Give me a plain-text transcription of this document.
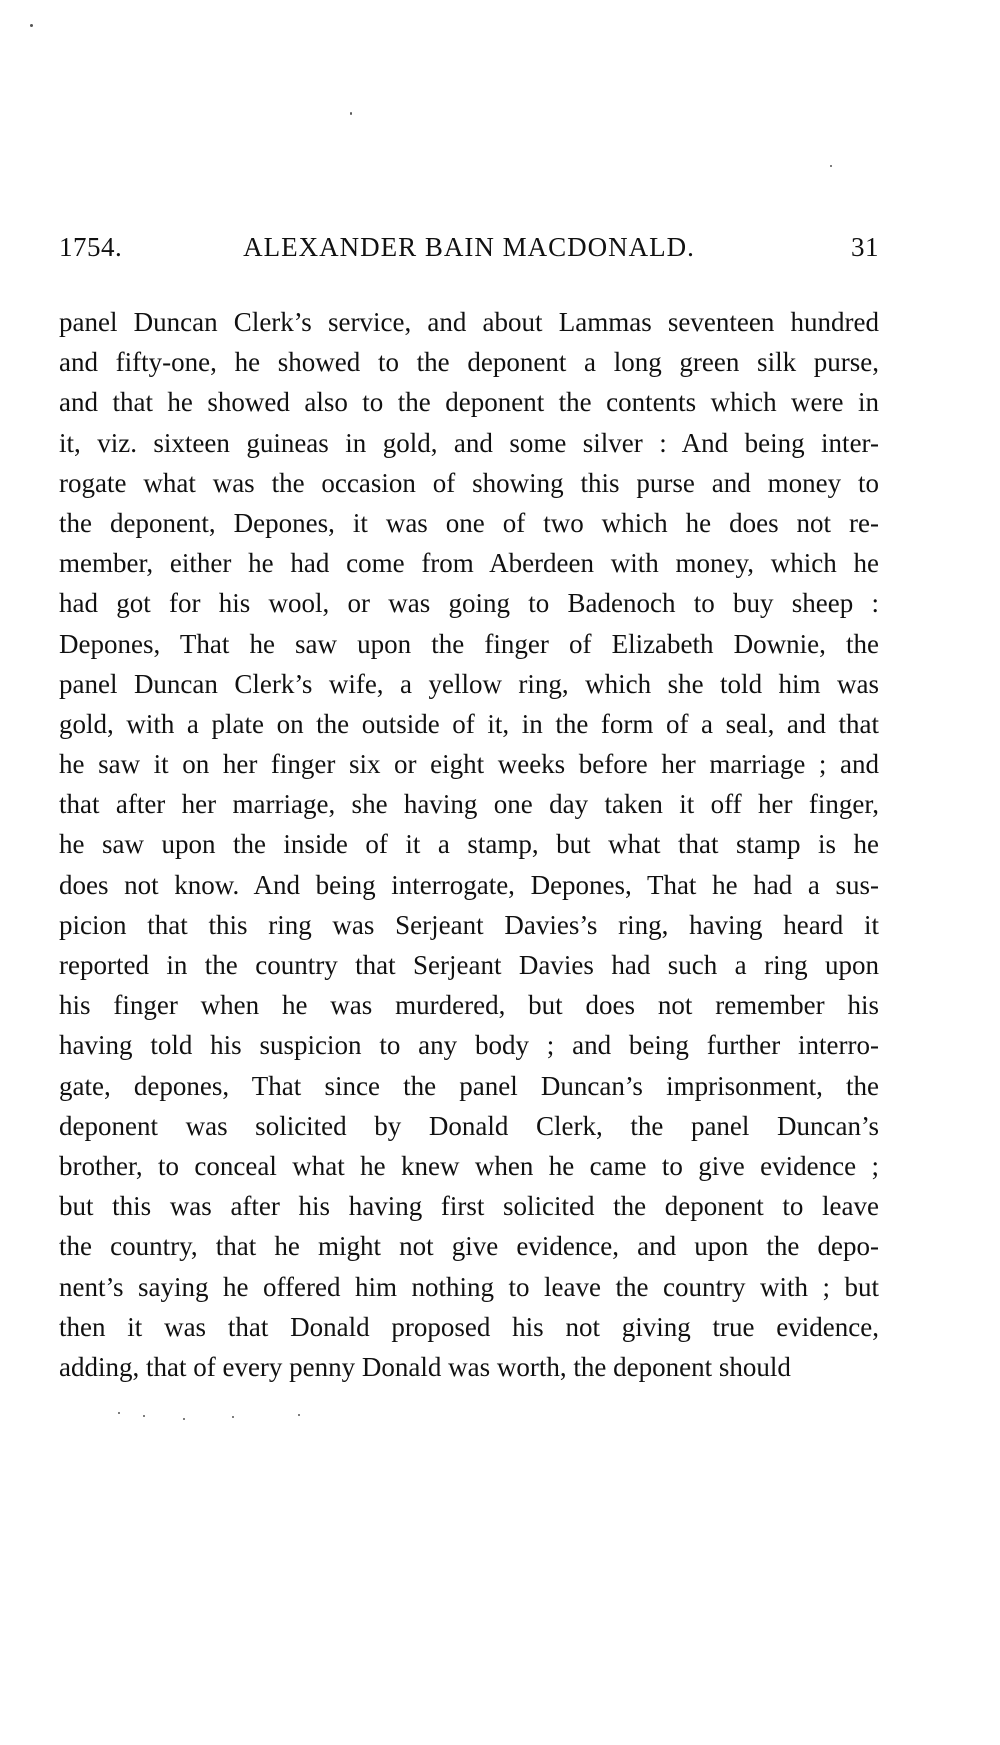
1754.	ALEXANDER BAIN MACDONALD.	31
panel Duncan Clerk’s service, and about Lammas seventeen hundred
and fifty-one, he showed to the deponent a long green silk purse,
and that he showed also to the deponent the contents which were in
it, viz. sixteen guineas in gold, and some silver : And being inter-
rogate what was the occasion of showing this purse and money to
the deponent, Depones, it was one of two which he does not re-
member, either he had come from Aberdeen with money, which he
had got for his wool, or was going to Badenoch to buy sheep :
Depones, That he saw upon the finger of Elizabeth Downie, the
panel Duncan Clerk’s wife, a yellow ring, which she told him was
gold, with a plate on the outside of it, in the form of a seal, and that
he saw it on her finger six or eight weeks before her marriage ; and
that after her marriage, she having one day taken it off her finger,
he saw upon the inside of it a stamp, but what that stamp is he
does not know. And being interrogate, Depones, That he had a sus-
picion that this ring was Serjeant Davies’s ring, having heard it
reported in the country that Serjeant Davies had such a ring upon
his finger when he was murdered, but does not remember his
having told his suspicion to any body ; and being further interro-
gate, depones, That since the panel Duncan’s imprisonment, the
deponent was solicited by Donald Clerk, the panel Duncan’s
brother, to conceal what he knew when he came to give evidence ;
but this was after his having first solicited the deponent to leave
the country, that he might not give evidence, and upon the depo-
nent’s saying he offered him nothing to leave the country with ; but
then it was that Donald proposed his not giving true evidence,
adding, that of every penny Donald was worth, the deponent should
